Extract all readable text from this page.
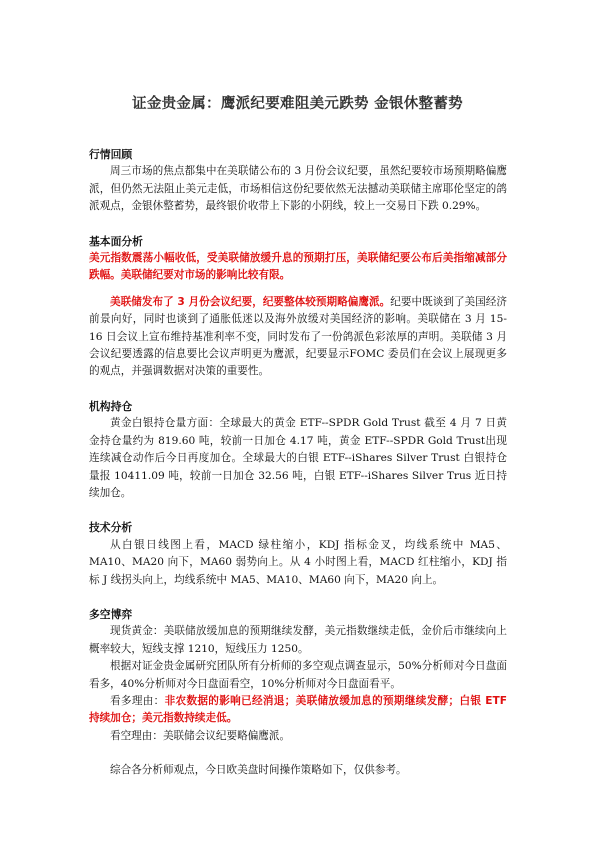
证金贵金属：鹰派纪要难阻美元跌势 金银休整蓄势
行情回顾

周三市场的焦点都集中在美联储公布的 3 月份会议纪要，虽然纪要较市场预期略偏鹰派，但仍然无法阻止美元走低，市场相信这份纪要依然无法撼动美联储主席耶伦坚定的鸽派观点，金银休整蓄势，最终银价收带上下影的小阴线，较上一交易日下跌 0.29%。

基本面分析

美元指数震荡小幅收低，受美联储放缓升息的预期打压，美联储纪要公布后美指缩减部分跌幅。美联储纪要对市场的影响比较有限。

美联储发布了 3 月份会议纪要，纪要整体较预期略偏鹰派。纪要中既谈到了美国经济前景向好，同时也谈到了通胀低迷以及海外放缓对美国经济的影响。美联储在 3 月 15-16 日会议上宣布维持基准利率不变，同时发布了一份鸽派色彩浓厚的声明。美联储 3 月会议纪要透露的信息要比会议声明更为鹰派，纪要显示FOMC 委员们在会议上展现更多的观点，并强调数据对决策的重要性。

机构持仓

黄金白银持仓量方面：全球最大的黄金 ETF--SPDR Gold Trust 截至 4 月 7 日黄金持仓量约为 819.60 吨，较前一日加仓 4.17 吨，黄金 ETF--SPDR Gold Trust出现连续减仓动作后今日再度加仓。全球最大的白银 ETF--iShares Silver Trust 白银持仓量报 10411.09 吨，较前一日加仓 32.56 吨，白银 ETF--iShares Silver Trus 近日持续加仓。

技术分析

从白银日线图上看，MACD 绿柱缩小，KDJ 指标金叉，均线系统中 MA5、MA10、MA20 向下，MA60 弱势向上。从 4 小时图上看，MACD 红柱缩小，KDJ 指标 J 线拐头向上，均线系统中 MA5、MA10、MA60 向下，MA20 向上。

多空博弈

现货黄金：美联储放缓加息的预期继续发酵，美元指数继续走低，金价后市继续向上概率较大，短线支撑 1210，短线压力 1250。

根据对证金贵金属研究团队所有分析师的多空观点调查显示，50%分析师对今日盘面看多，40%分析师对今日盘面看空，10%分析师对今日盘面看平。

看多理由：非农数据的影响已经消退；美联储放缓加息的预期继续发酵；白银 ETF 持续加仓；美元指数持续走低。

看空理由：美联储会议纪要略偏鹰派。

综合各分析师观点，今日欧美盘时间操作策略如下，仅供参考。
